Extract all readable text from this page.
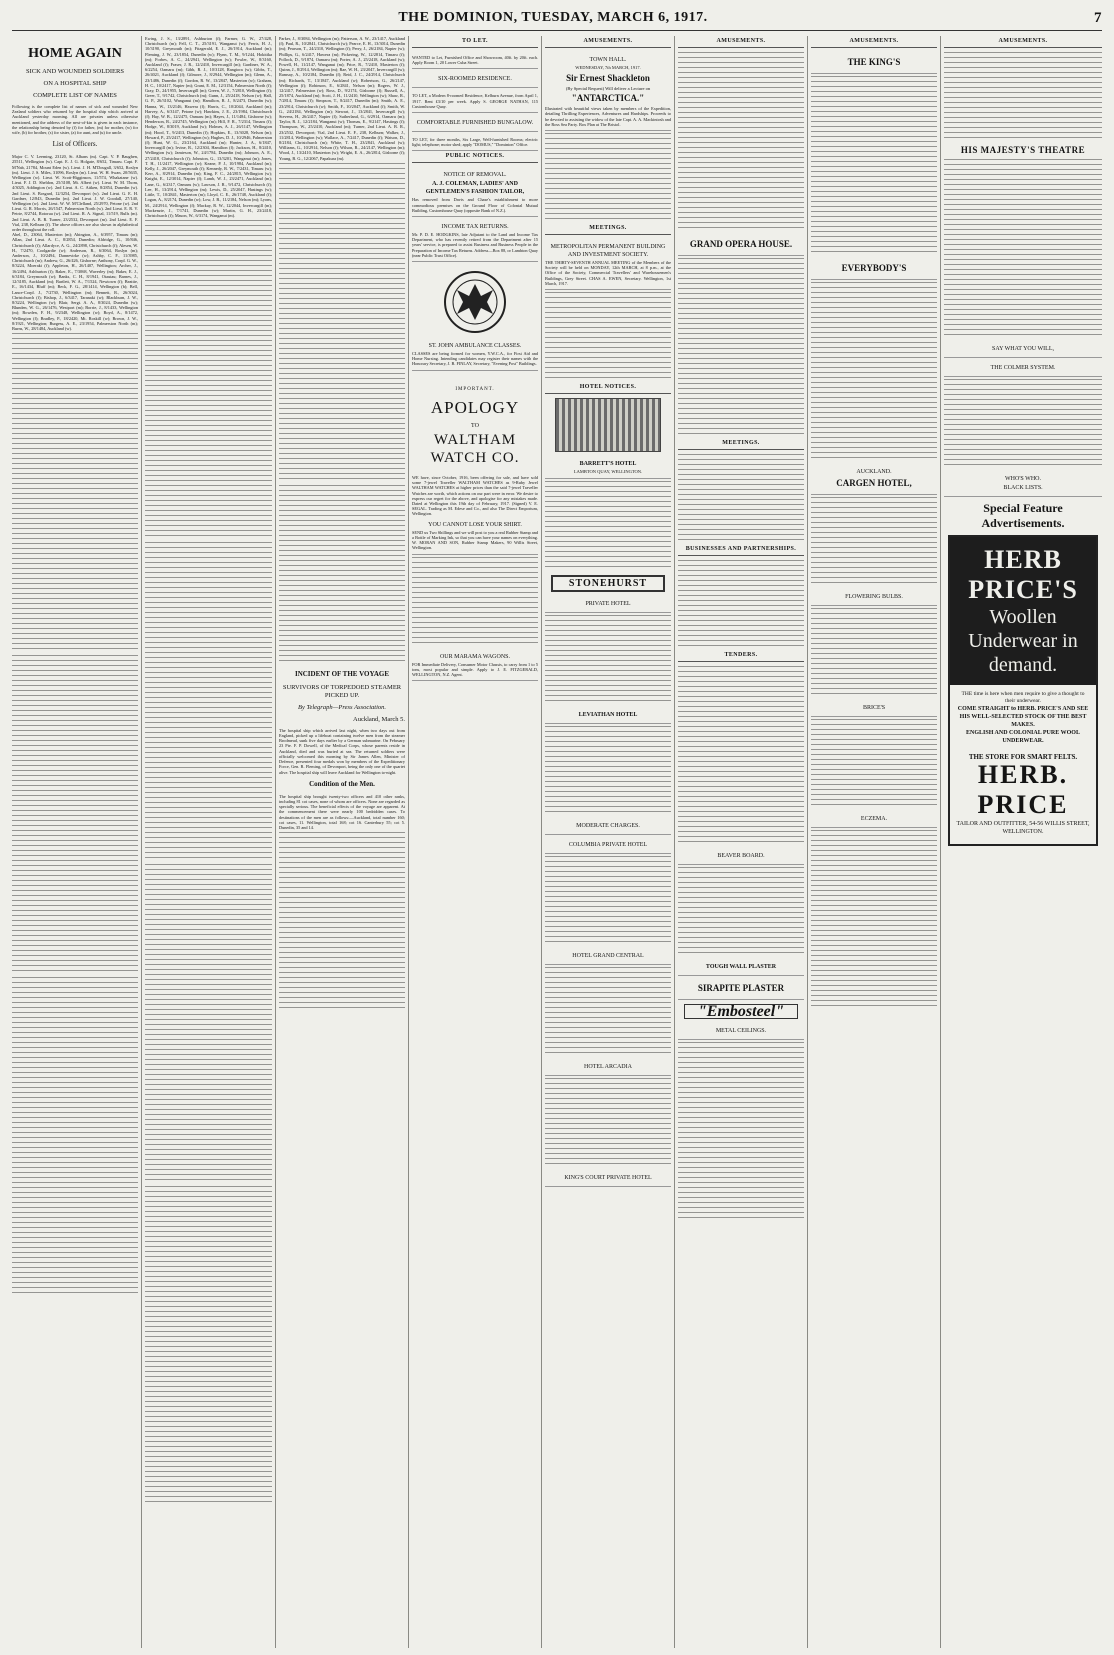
THE DOMINION, TUESDAY, MARCH 6, 1917.	7
HOME AGAIN
SICK AND WOUNDED SOLDIERS
ON A HOSPITAL SHIP
COMPLETE LIST OF NAMES
Following is the complete list of names of sick and wounded New Zealand soldiers who returned by the hospital ship which arrived at Auckland yesterday morning. All are privates unless otherwise mentioned, and the address of the next-of-kin is given in each instance, the relationship being denoted by (f) for father, (m) for mother, (w) for wife, (b) for brother, (s) for sister, (a) for aunt, and (u) for uncle.
List of Officers.
Major C. V. Leeming, 23120, St. Albans (m). Capt. V. P. Baughen, 25511, Wellington (w). Capt. E. J. G. Holgate, 8/652, Timaru. Capt. F. M'Nab, 21784, Mount Eden (w). Lieut. J. H. M'Dougall, 3/652, Roslyn (m). Lieut. J. S. Miles, 31096, Roslyn (m). Lieut. W. H. Swan, 20/5635, Wellington (w). Lieut. W. Scott-Higginson, 11/574, Whakatane (w). Lieut. F. J. D. Sheldon, 25/3108, Mt. Albert (w). Lieut. W. M. Thom, 4/3025, Addington (w). 2nd Lieut. A. C. Aitken, 8/2854, Dunedin (w). 2nd Lieut. S. Bosgard, 12/3254, Devonport (w). 2nd Lieut. G. E. H. Gardner, 12/843, Dunedin (m). 2nd Lieut. J. W. Goodall, 27/140, Wellington (w). 2nd Lieut. W. W. M'Clelland, 25/2970, Petone (w). 2nd Lieut. G. R. Morris, 26/1547, Palmerston North (w). 2nd Lieut. E. R. V. Petrie, 8/2744, Rotorua (w). 2nd Lieut. R. A. Signal, 11/519, Bulls (m). 2nd Lieut. A. B. R. Turner, 23/2532, Devonport (m). 2nd Lieut. E. F. Vial, 238, Kelburn (f). The above officers are also shown in alphabetical order throughout the roll.
Abel, D., 23064, Masterton (m); Abington, A., 6/3957, Timaru (m); Allan, 2nd Lieut. A. C., 8/2854, Dunedin; Aldridge, G., 10/846, Christchurch (f); Allardyce, A. G., 24/2898, Christchurch (f); Alesen, W. H., 7/2470, Coolgardie (w); Anderson, R., 6/3064, Roslyn (m); Anderson, J., 10/2494, Dannevirke (w); Ashby, C. F., 11/3985, Christchurch (m); Andrew, G., 26/426, Gisborne; Anthony, Corpl. G. W., 8/3224, Moeraki (f); Appleton, H., 26/1407, Wellington; Archer, J., 16/2494, Ashburton (f); Baker, E., 7/3068, Waverley (m); Baker, E. J., 6/3184, Greymouth (w); Banks, C. H., 8/1941, Otautau; Barnes, J., 12/3185, Auckland (m); Bartlett, W. A., 7/1524, Newtown (f); Beattie, E., 16/1434, Bluff (m); Beck, F. G., 28/1414, Wellington (b); Bell, Lance-Corpl. J., 7/2730, Wellington (m); Bennett, R., 26/3024, Christchurch (f); Bishop, J., 6/3417, Taranaki (w); Blackburn, J. W., 8/3224, Wellington (w); Blair, Sergt. A. A., 8/3024, Dunedin (w); Blunden, W. G., 26/1476, Westport (m); Borrie, J., 8/1433, Wellington (m); Bowden, F. H., 9/2348, Wellington (w); Boyd, A., 8/1472, Wellington (f); Bradley, P., 18/2420, Mt. Roskill (w); Brown, J. W., 8/1921, Wellington; Burgess, A. E., 23/1954, Palmerston North (m); Burns, W., 28/1484, Auckland (w).
Ewing, J. S., 13/2891, Ashburton (f); Farmer, G. W., 27/428, Christchurch (m); Fell, C. T., 25/3191, Wanganui (w); Ferris, H. J., 10/3190, Greymouth (m); Fitzgerald, E. J., 26/1914, Auckland (m); Fleming, J. W., 23/1854, Dunedin (w); Flynn, T. M., 9/1244, Hokitika (m); Forbes, A. C., 24/2941, Wellington (w); Fowler, W., 8/3160, Auckland (f); Fraser, J. R., 12/2410, Invercargill (m); Gardiner, W. A., 6/2254, Oamaru (m); Gibb, R. J., 10/3128, Rangiora (w); Gibbs, T., 26/4021, Auckland (f); Gilmore, J., 8/2944, Wellington (m); Glenn, A., 23/1486, Dunedin (f); Gordon, R. W., 13/2847, Masterton (w); Graham, H. C., 10/2417, Napier (m); Grant, E. M., 12/3154, Palmerston North (f); Gray, D., 24/1955, Invercargill (m); Green, W. J., 7/2810, Wellington (f); Greer, T., 9/1742, Christchurch (m); Gunn, J., 25/2418, Nelson (w); Hall, G. P., 26/3102, Wanganui (m); Hamilton, R. J., 8/2473, Dunedin (w); Hanna, W., 13/2146, Hawera (f); Harris, C., 10/2044, Auckland (m); Harvey, A., 6/3147, Petone (w); Hawkins, J. E., 23/1984, Christchurch (f); Hay, W. B., 12/2475, Oamaru (m); Hayes, J., 11/1484, Gisborne (w); Henderson, R., 24/2745, Wellington (m); Hill, F. R., 7/2314, Timaru (f); Hodge, W., 8/3019, Auckland (w); Holmes, A. J., 26/1147, Wellington (m); Hood, T., 9/2413, Dunedin (f); Hopkins, E., 13/3028, Nelson (m); Howard, P., 25/2417, Wellington (w); Hughes, D. J., 10/2946, Palmerston (f); Hunt, W. G., 23/2164, Auckland (m); Hunter, J. A., 6/1847, Invercargill (m); Irvine, R., 12/2304, Hamilton (f); Jackson, H., 8/2410, Wellington (w); Jamieson, W., 24/1784, Dunedin (m); Johnson, A. E., 27/2418, Christchurch (f); Johnston, G., 13/3201, Wanganui (m); Jones, T. H., 11/2417, Wellington (w); Keane, P. J., 10/1984, Auckland (m); Kelly, J., 26/2047, Greymouth (f); Kennedy, R. W., 7/2431, Timaru (w); Kerr, A., 8/2914, Dunedin (m); King, F. C., 24/2815, Wellington (w); Knight, E., 12/3014, Napier (f); Lamb, W. J., 23/2471, Auckland (m); Lane, G., 6/2317, Oamaru (w); Lawson, J. R., 9/1472, Christchurch (f); Lee, H., 13/2914, Wellington (m); Lewis, D., 25/2047, Hastings (w); Little, T., 10/2841, Masterton (m); Lloyd, C. E., 26/1748, Auckland (f); Logan, A., 8/2174, Dunedin (w); Low, J. B., 11/2184, Nelson (m); Lyons, M., 24/2914, Wellington (f); Mackay, R. W., 12/2044, Invercargill (m); Mackenzie, J., 7/1741, Dunedin (w); Martin, G. H., 23/2418, Christchurch (f); Mason, W., 6/3174, Wanganui (m).
Parker, J., 8/3084, Wellington (m); Patterson, A. W., 23/1417, Auckland (f); Paul, R., 10/2841, Christchurch (w); Pearce, E. H., 13/3014, Dunedin (m); Pearson, T., 24/2310, Wellington (f); Perry, J., 26/2184, Napier (w); Phillips, G., 6/2417, Hawera (m); Pickering, W., 12/2814, Timaru (f); Pollock, D., 9/1874, Oamaru (m); Porter, A. J., 25/2418, Auckland (w); Powell, H., 11/2147, Wanganui (m); Price, R., 7/2410, Masterton (f); Quinn, J., 8/2914, Wellington (m); Rae, W. H., 23/2047, Invercargill (w); Ramsay, A., 10/2184, Dunedin (f); Reid, J. C., 24/2914, Christchurch (m); Richards, T., 13/1847, Auckland (w); Robertson, G., 26/2147, Wellington (f); Robinson, E., 6/2841, Nelson (m); Rogers, W. J., 12/2417, Palmerston (w); Ross, D., 9/2174, Gisborne (f); Russell, A., 25/1874, Auckland (m); Scott, J. H., 11/2410, Wellington (w); Shaw, R., 7/2814, Timaru (f); Simpson, T., 8/2417, Dunedin (m); Smith, A. E., 23/2914, Christchurch (w); Smith, F., 10/2047, Auckland (f); Smith, W. G., 24/2184, Wellington (m); Stewart, J., 13/2841, Invercargill (w); Stevens, H., 26/2417, Napier (f); Sutherland, G., 6/2914, Oamaru (m); Taylor, R. J., 12/2184, Wanganui (w); Thomas, E., 9/2147, Hastings (f); Thompson, W., 25/2410, Auckland (m); Turner, 2nd Lieut. A. B. R., 23/2532, Devonport; Vial, 2nd Lieut. E. F., 238, Kelburn; Walker, J., 11/2814, Wellington (w); Wallace, A., 7/2417, Dunedin (f); Watson, D., 8/2184, Christchurch (m); White, T. H., 23/2841, Auckland (w); Williams, G., 10/2914, Nelson (f); Wilson, R., 24/2147, Wellington (m); Wood, J., 13/2410, Masterton (w); Wright, E. A., 26/2814, Gisborne (f); Young, B. G., 12/2067, Papakura (m).
INCIDENT OF THE VOYAGE
SURVIVORS OF TORPEDOED STEAMER PICKED UP.
By Telegraph—Press Association.
Auckland, March 5.
The hospital ship which arrived last night, when two days out from England, picked up a lifeboat containing twelve men from the steamer Brodmead, sunk five days earlier by a German submarine. On February 23 Pte. F. P. Dowell, of the Medical Corps, whose parents reside in Auckland, died and was buried at sea. The returned soldiers were officially welcomed this morning by Sir James Allen, Minister of Defence, presented four medals won by members of the Expeditionary Force, Gen. R. Fleming, of Devonport, being the only one of the quartet alive. The hospital ship will leave Auckland for Wellington to-night.
Condition of the Men.
The hospital ship brought twenty-two officers and 410 other ranks, including 81 cot cases, none of whom are officers. None are regarded as specially serious. The beneficial effects of the voyage are apparent. At the commencement there were nearly 100 bedridden cases. To destinations of the men are as follows:—Auckland, total number 160; cot cases, 11. Wellington, total 168; cot 16. Canterbury 55; cot 5. Dunedin, 35 and 14.
TO LET.
WANTED to Let, Furnished Office and Showroom, 40ft. by 20ft. each. Apply Room 1, 20 Lower Cuba Street.
SIX-ROOMED RESIDENCE.
TO LET, a Modern 8-roomed Residence, Kelburn Avenue, from April 1, 1917. Rent £3/10 per week. Apply S. GEORGE NATHAN, 115 Customhouse Quay.
COMFORTABLE FURNISHED BUNGALOW.
TO LET, for three months, Six Large, Well-furnished Rooms; electric light; telephone; motor shed; apply "DOMUS," "Dominion" Office.
PUBLIC NOTICES.
NOTICE OF REMOVAL.
A. J. COLEMAN, LADIES' AND GENTLEMEN'S FASHION TAILOR,
Has removed from Davis and Chase's establishment to more commodious premises on the Ground Floor of Colonial Mutual Building, Customhouse Quay (opposite Bank of N.Z.).
INCOME TAX RETURNS.
Mr. P. D. E. HODGKINS, late Adjutant to the Land and Income Tax Department, who has recently retired from the Department after 15 years' service, is prepared to assist Business and Business People in the Preparation of Income Tax Returns. Address—Box 88, or Lambton Quay (near Public Trust Office).
ST. JOHN AMBULANCE CLASSES.
CLASSES are being formed for women, Y.W.C.A., for First Aid and Home Nursing. Intending candidates may register their names with the Honorary Secretary, J. B. FINLAY, Secretary, "Evening Post" Buildings.
IMPORTANT.
APOLOGY
TO
WALTHAM WATCH CO.
WE have, since October, 1916, been offering for sale, and have sold some 7-jewel Traveller WALTHAM WATCHES as 9-Ruby Jewel WALTHAM WATCHES at higher prices than the said 7-jewel Traveller Watches are worth, which actions on our part were in error. We desire to express our regret for the above, and apologise for any mistakes made. Dated at Wellington this 19th day of February, 1917. (Signed) V. E. SEGAL. Trading as M. Edese and Co., and also The Direct Emporium, Wellington.
YOU CANNOT LOSE YOUR SHIRT.
SEND us Two Shillings and we will post to you a real Rubber Stamp and a Bottle of Marking Ink, so that you can have your names on everything. W. MORAN AND SON, Rubber Stamp Makers, 90 Willis Street, Wellington.
OUR MARAMA WAGONS.
FOR Immediate Delivery, Consumer Motor Chassis, to carry from 1 to 5 tons, most popular and simple. Apply to J. E. FITZGERALD, WELLINGTON, N.Z. Agent.
AMUSEMENTS.
TOWN HALL.
WEDNESDAY, 7th MARCH, 1917.
Sir Ernest Shackleton
(By Special Request) Will deliver a Lecture on
"ANTARCTICA."
Illustrated with beautiful views taken by members of the Expedition, detailing Thrilling Experiences, Adventures and Hardships. Proceeds to be devoted to assisting the widow of the late Capt. A. A. Mackintosh and the Ross Sea Party. Box Plan at The Bristol.
MEETINGS.
METROPOLITAN PERMANENT BUILDING AND INVESTMENT SOCIETY.
THE THIRTY-SEVENTH ANNUAL MEETING of the Members of the Society will be held on MONDAY, 12th MARCH, at 8 p.m., at the Office of the Society, Commercial Travellers' and Warehousemen's Buildings, Grey Street. CHAS A. EWEN, Secretary. Wellington, 1st March, 1917.
HOTEL NOTICES.
BARRETT'S HOTEL
LAMBTON QUAY, WELLINGTON.
STONEHURST
PRIVATE HOTEL
LEVIATHAN HOTEL
MODERATE CHARGES.
COLUMBIA PRIVATE HOTEL
HOTEL GRAND CENTRAL
HOTEL ARCADIA
KING'S COURT PRIVATE HOTEL
AMUSEMENTS.
GRAND OPERA HOUSE.
MEETINGS.
BUSINESSES AND PARTNERSHIPS.
TENDERS.
BEAVER BOARD.
TOUGH WALL PLASTER
SIRAPITE PLASTER
"Embosteel"
METAL CEILINGS.
AMUSEMENTS.
THE KING'S
EVERYBODY'S
AUCKLAND.
CARGEN HOTEL,
FLOWERING BULBS.
BRICE'S
ECZEMA.
AMUSEMENTS.
HIS MAJESTY'S THEATRE
SAY WHAT YOU WILL,
THE COLMER SYSTEM.
WHO'S WHO.
BLACK LISTS.
Special Feature Advertisements.
HERB PRICE'S
Woollen Underwear in demand.
THE time is here when men require to give a thought to their underwear.
COME STRAIGHT to HERB. PRICE'S AND SEE HIS WELL-SELECTED STOCK OF THE BEST MAKES.
ENGLISH AND COLONIAL PURE WOOL UNDERWEAR.
THE STORE FOR SMART FELTS.
HERB. PRICE
TAILOR AND OUTFITTER, 54-56 WILLIS STREET, WELLINGTON.
